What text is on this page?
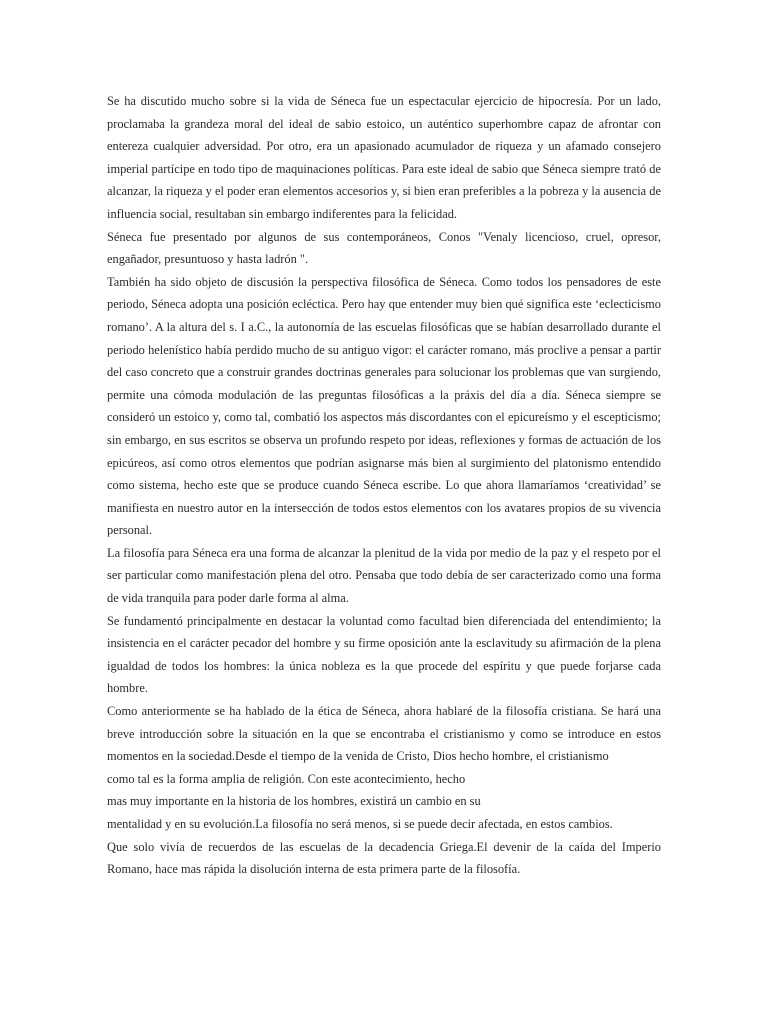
Se ha discutido mucho sobre si la vida de Séneca fue un espectacular ejercicio de hipocresía. Por un lado, proclamaba la grandeza moral del ideal de sabio estoico, un auténtico superhombre capaz de afrontar con entereza cualquier adversidad. Por otro, era un apasionado acumulador de riqueza y un afamado consejero imperial partícipe en todo tipo de maquinaciones políticas. Para este ideal de sabio que Séneca siempre trató de alcanzar, la riqueza y el poder eran elementos accesorios y, si bien eran preferibles a la pobreza y la ausencia de influencia social, resultaban sin embargo indiferentes para la felicidad.

Séneca fue presentado por algunos de sus contemporáneos, Conos "Venaly licencioso, cruel, opresor, engañador, presuntuoso y hasta ladrón ".

También ha sido objeto de discusión la perspectiva filosófica de Séneca. Como todos los pensadores de este periodo, Séneca adopta una posición ecléctica. Pero hay que entender muy bien qué significa este ‘eclecticismo romano’. A la altura del s. I a.C., la autonomía de las escuelas filosóficas que se habían desarrollado durante el periodo helenístico había perdido mucho de su antiguo vigor: el carácter romano, más proclive a pensar a partir del caso concreto que a construir grandes doctrinas generales para solucionar los problemas que van surgiendo, permite una cómoda modulación de las preguntas filosóficas a la práxis del día a día. Séneca siempre se consideró un estoico y, como tal, combatió los aspectos más discordantes con el epicureísmo y el escepticismo; sin embargo, en sus escritos se observa un profundo respeto por ideas, reflexiones y formas de actuación de los epicúreos, así como otros elementos que podrían asignarse más bien al surgimiento del platonismo entendido como sistema, hecho este que se produce cuando Séneca escribe. Lo que ahora llamaríamos ‘creatividad’ se manifiesta en nuestro autor en la intersección de todos estos elementos con los avatares propios de su vivencia personal.

La filosofía para Séneca era una forma de alcanzar la plenitud de la vida por medio de la paz y el respeto por el ser particular como manifestación plena del otro. Pensaba que todo debía de ser caracterizado como una forma de vida tranquila para poder darle forma al alma.

Se fundamentó principalmente en destacar la voluntad como facultad bien diferenciada del entendimiento; la insistencia en el carácter pecador del hombre y su firme oposición ante la esclavitudy su afirmación de la plena igualdad de todos los hombres: la única nobleza es la que procede del espíritu y que puede forjarse cada hombre.

Como anteriormente se ha hablado de la ética de Séneca, ahora hablaré de la filosofía cristiana. Se hará una breve introducción sobre la situación en la que se encontraba el cristianismo y como se introduce en estos momentos en la sociedad.Desde el tiempo de la venida de Cristo, Dios hecho hombre, el cristianismo

como tal es la forma amplia de religión. Con este acontecimiento, hecho

mas muy importante en la historia de los hombres, existirá un cambio en su

mentalidad y en su evolución.La filosofía no será menos, si se puede decir afectada, en estos cambios.

Que solo vivía de recuerdos de las escuelas de la decadencia Griega.El devenir de la caída del Imperio Romano, hace mas rápida la disolución interna de esta primera parte de la filosofía.
